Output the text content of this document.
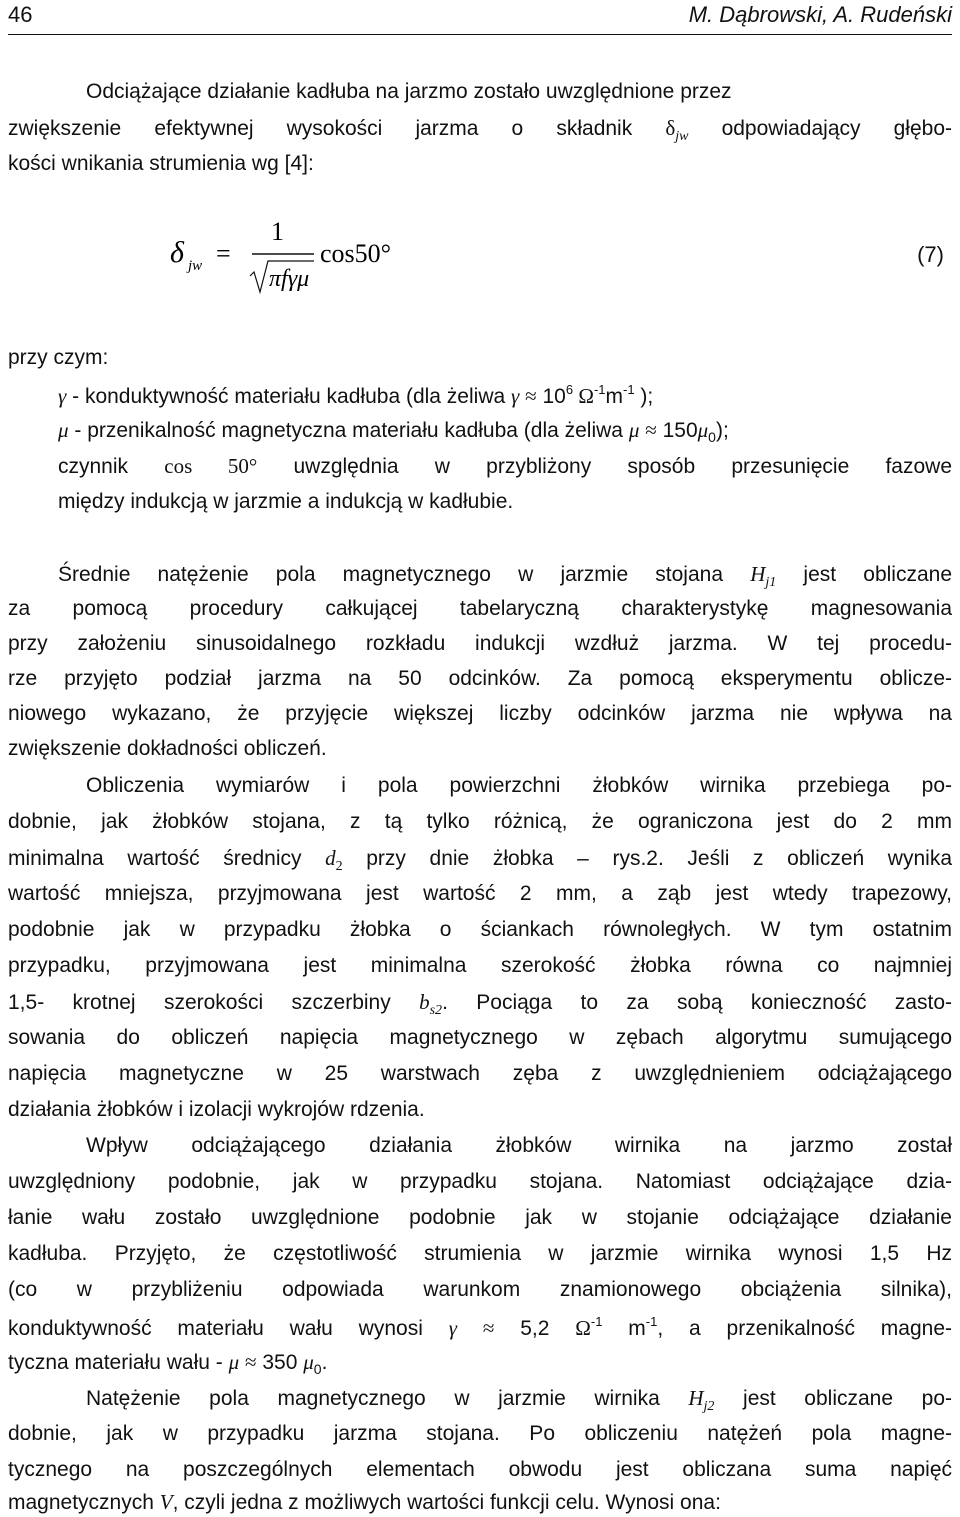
46	M. Dąbrowski, A. Rudeński
Odciążające działanie kadłuba na jarzmo zostało uwzględnione przez
zwiększenie efektywnej wysokości jarzma o składnik $\delta_{jw}$ odpowiadający głębo-
kości wnikania strumienia wg [4]:
δ jw =
1
πfγμ
cos50°	(7)
przy czym:
γ - konduktywność materiału kadłuba (dla żeliwa $\gamma \approx 10^6$ $\Omega^{-1}m^{-1}$ );
μ - przenikalność magnetyczna materiału kadłuba (dla żeliwa $\mu \approx 150\mu_0$);
czynnik cos 50° uwzględnia w przybliżony sposób przesunięcie fazowe
między indukcją w jarzmie a indukcją w kadłubie.
Średnie natężenie pola magnetycznego w jarzmie stojana $H_{j1}$ jest obliczane
za pomocą procedury całkującej tabelaryczną charakterystykę magnesowania
przy założeniu sinusoidalnego rozkładu indukcji wzdłuż jarzma. W tej procedu-
rze przyjęto podział jarzma na 50 odcinków. Za pomocą eksperymentu oblicze-
niowego wykazano, że przyjęcie większej liczby odcinków jarzma nie wpływa na
zwiększenie dokładności obliczeń.
Obliczenia wymiarów i pola powierzchni żłobków wirnika przebiega po-
dobnie, jak żłobków stojana, z tą tylko różnicą, że ograniczona jest do 2 mm
minimalna wartość średnicy $d_2$ przy dnie żłobka – rys.2. Jeśli z obliczeń wynika
wartość mniejsza, przyjmowana jest wartość 2 mm, a ząb jest wtedy trapezowy,
podobnie jak w przypadku żłobka o ściankach równoległych. W tym ostatnim
przypadku, przyjmowana jest minimalna szerokość żłobka równa co najmniej
1,5- krotnej szerokości szczerbiny $b_{s2}$. Pociąga to za sobą konieczność zasto-
sowania do obliczeń napięcia magnetycznego w zębach algorytmu sumującego
napięcia magnetyczne w 25 warstwach zęba z uwzględnieniem odciążającego
działania żłobków i izolacji wykrojów rdzenia.
Wpływ odciążającego działania żłobków wirnika na jarzmo został
uwzględniony podobnie, jak w przypadku stojana. Natomiast odciążające dzia-
łanie wału zostało uwzględnione podobnie jak w stojanie odciążające działanie
kadłuba. Przyjęto, że częstotliwość strumienia w jarzmie wirnika wynosi 1,5 Hz
(co w przybliżeniu odpowiada warunkom znamionowego obciążenia silnika),
konduktywność materiału wału wynosi γ ≈ 5,2 $\Omega^{-1}$ $m^{-1}$, a przenikalność magne-
tyczna materiału wału - μ ≈ 350 $\mu_0$.
Natężenie pola magnetycznego w jarzmie wirnika $H_{j2}$ jest obliczane po-
dobnie, jak w przypadku jarzma stojana. Po obliczeniu natężeń pola magne-
tycznego na poszczególnych elementach obwodu jest obliczana suma napięć
magnetycznych V, czyli jedna z możliwych wartości funkcji celu. Wynosi ona:
